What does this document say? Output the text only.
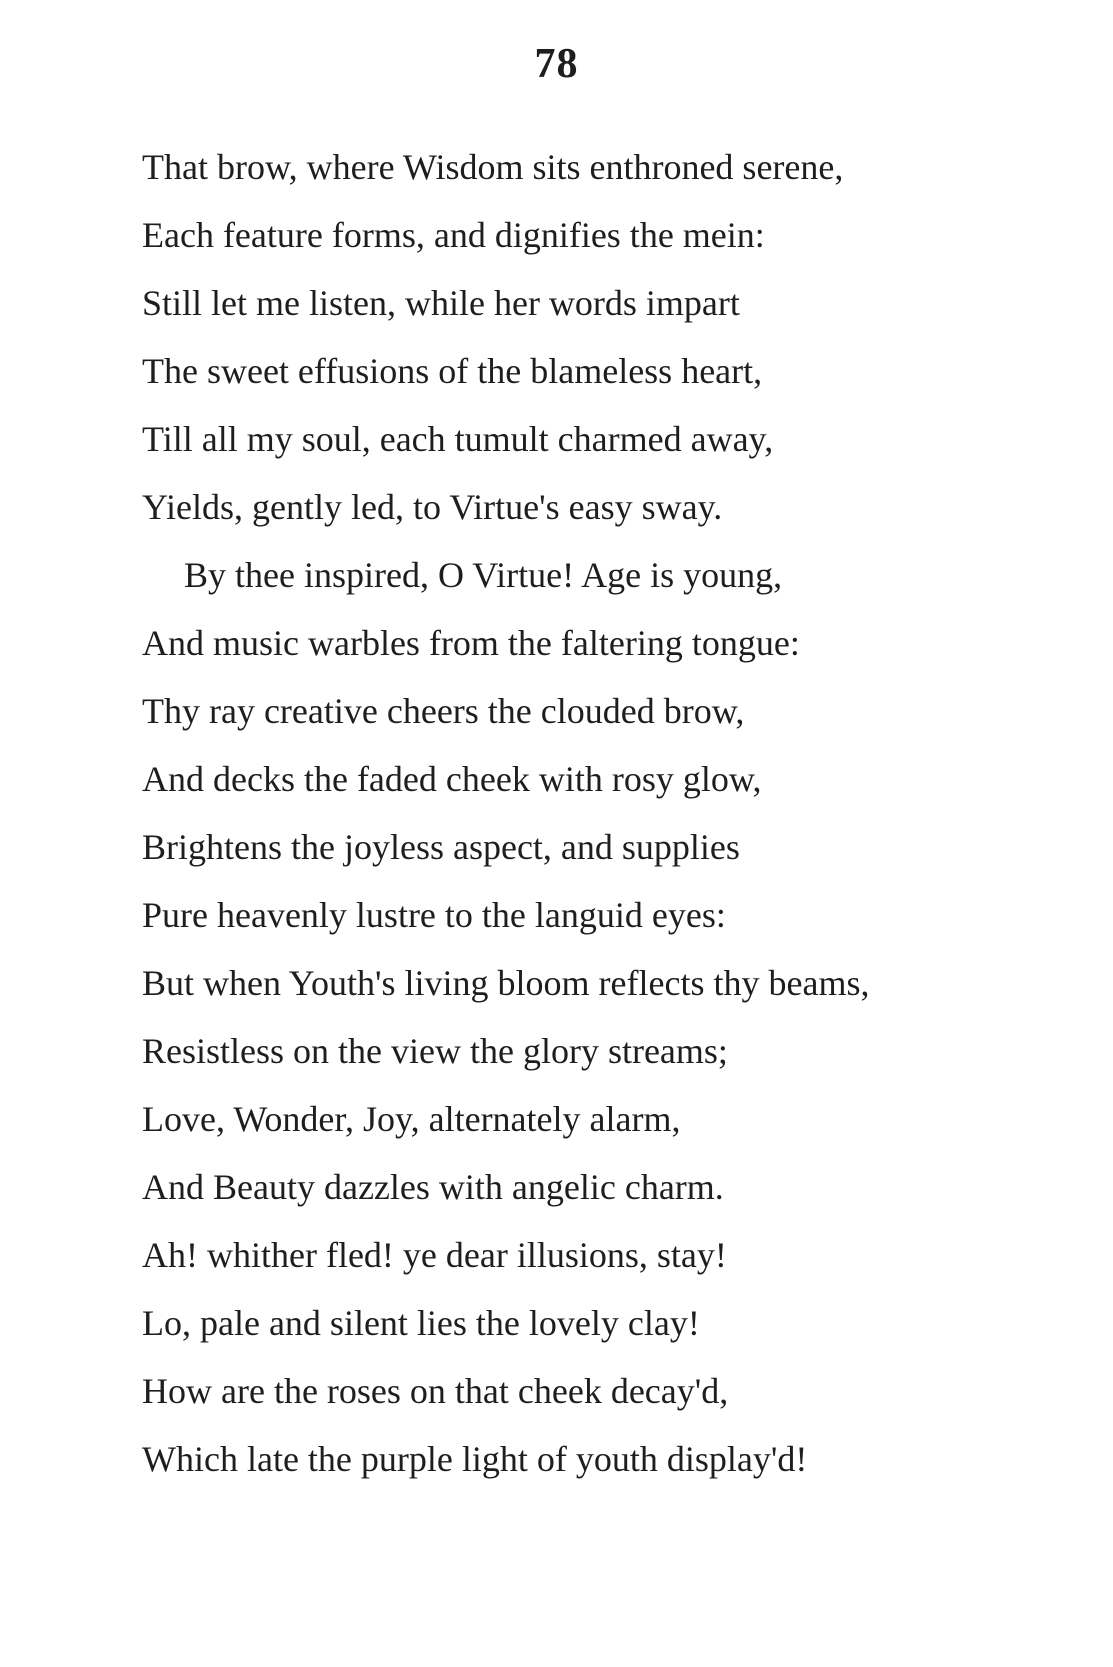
78
That brow, where Wisdom sits enthroned serene,
Each feature forms, and dignifies the mein:
Still let me listen, while her words impart
The sweet effusions of the blameless heart,
Till all my soul, each tumult charmed away,
Yields, gently led, to Virtue's easy sway.
By thee inspired, O Virtue! Age is young,
And music warbles from the faltering tongue:
Thy ray creative cheers the clouded brow,
And decks the faded cheek with rosy glow,
Brightens the joyless aspect, and supplies
Pure heavenly lustre to the languid eyes:
But when Youth's living bloom reflects thy beams,
Resistless on the view the glory streams;
Love, Wonder, Joy, alternately alarm,
And Beauty dazzles with angelic charm.
Ah! whither fled! ye dear illusions, stay!
Lo, pale and silent lies the lovely clay!
How are the roses on that cheek decay'd,
Which late the purple light of youth display'd!
